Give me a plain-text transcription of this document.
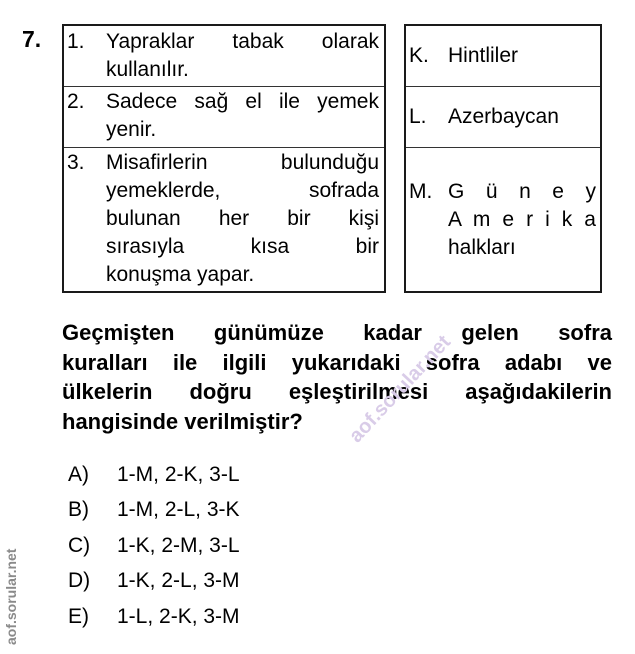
7. 1. Yapraklar tabak olarak
kullanılır.
2. Sadece sağ el ile yemek
yenir.
3. Misafirlerin bulunduğu
yemeklerde, sofrada
bulunan her bir kişi
sırasıyla kısa bir
konuşma yapar.
K. Hintliler
L. Azerbaycan
M. G ü n e y
A m e r i k a
halkları
Geçmişten günümüze kadar gelen sofra
kuralları ile ilgili yukarıdaki sofra adabı ve
ülkelerin doğru eşleştirilmesi aşağıdakilerin
hangisinde verilmiştir?
A) 1-M, 2-K, 3-L
B) 1-M, 2-L, 3-K
C) 1-K, 2-M, 3-L
D) 1-K, 2-L, 3-M
E) 1-L, 2-K, 3-M
aof.sorular.net
aof.sorular.net
